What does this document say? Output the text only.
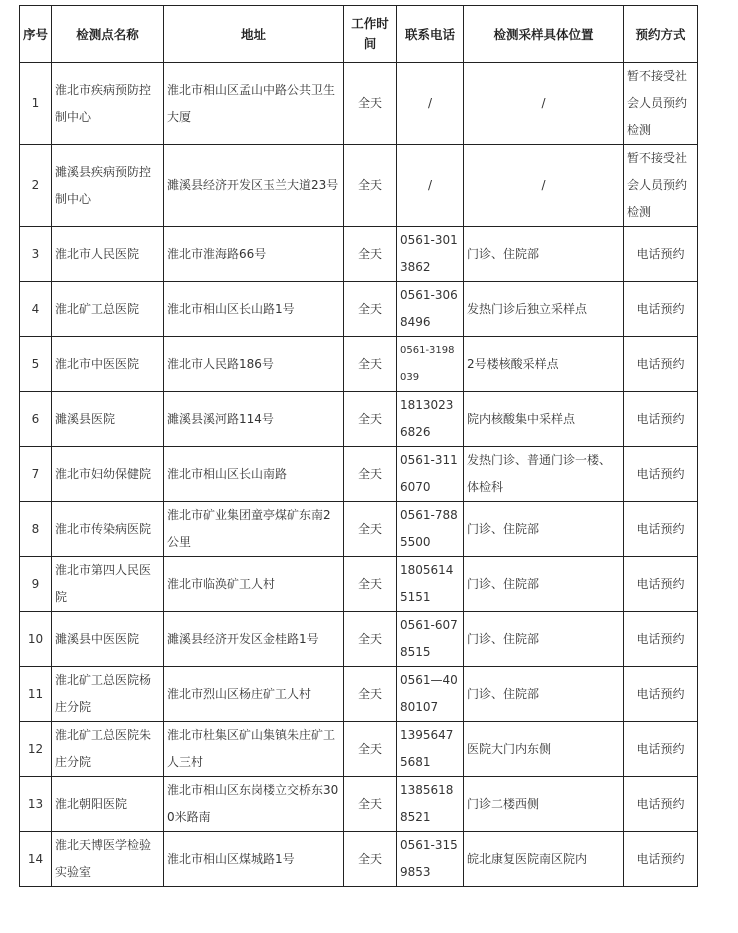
序号	检测点名称	地址	工作时间	联系电话	检测采样具体位置	预约方式
1	淮北市疾病预防控制中心	淮北市相山区孟山中路公共卫生大厦	全天	/	/	暂不接受社会人员预约检测
2	濉溪县疾病预防控制中心	濉溪县经济开发区玉兰大道23号	全天	/	/	暂不接受社会人员预约检测
3	淮北市人民医院	淮北市淮海路66号	全天	0561-3013862	门诊、住院部	电话预约
4	淮北矿工总医院	淮北市相山区长山路1号	全天	0561-3068496	发热门诊后独立采样点	电话预约
5	淮北市中医医院	淮北市人民路186号	全天	0561-3198039	2号楼核酸采样点	电话预约
6	濉溪县医院	濉溪县溪河路114号	全天	18130236826	院内核酸集中采样点	电话预约
7	淮北市妇幼保健院	淮北市相山区长山南路	全天	0561-3116070	发热门诊、普通门诊一楼、体检科	电话预约
8	淮北市传染病医院	淮北市矿业集团童亭煤矿东南2公里	全天	0561-7885500	门诊、住院部	电话预约
9	淮北市第四人民医院	淮北市临涣矿工人村	全天	18056145151	门诊、住院部	电话预约
10	濉溪县中医医院	濉溪县经济开发区金桂路1号	全天	0561-6078515	门诊、住院部	电话预约
11	淮北矿工总医院杨庄分院	淮北市烈山区杨庄矿工人村	全天	0561—4080107	门诊、住院部	电话预约
12	淮北矿工总医院朱庄分院	淮北市杜集区矿山集镇朱庄矿工人三村	全天	13956475681	医院大门内东侧	电话预约
13	淮北朝阳医院	淮北市相山区东岗楼立交桥东300米路南	全天	13856188521	门诊二楼西侧	电话预约
14	淮北天博医学检验实验室	淮北市相山区煤城路1号	全天	0561-3159853	皖北康复医院南区院内	电话预约
